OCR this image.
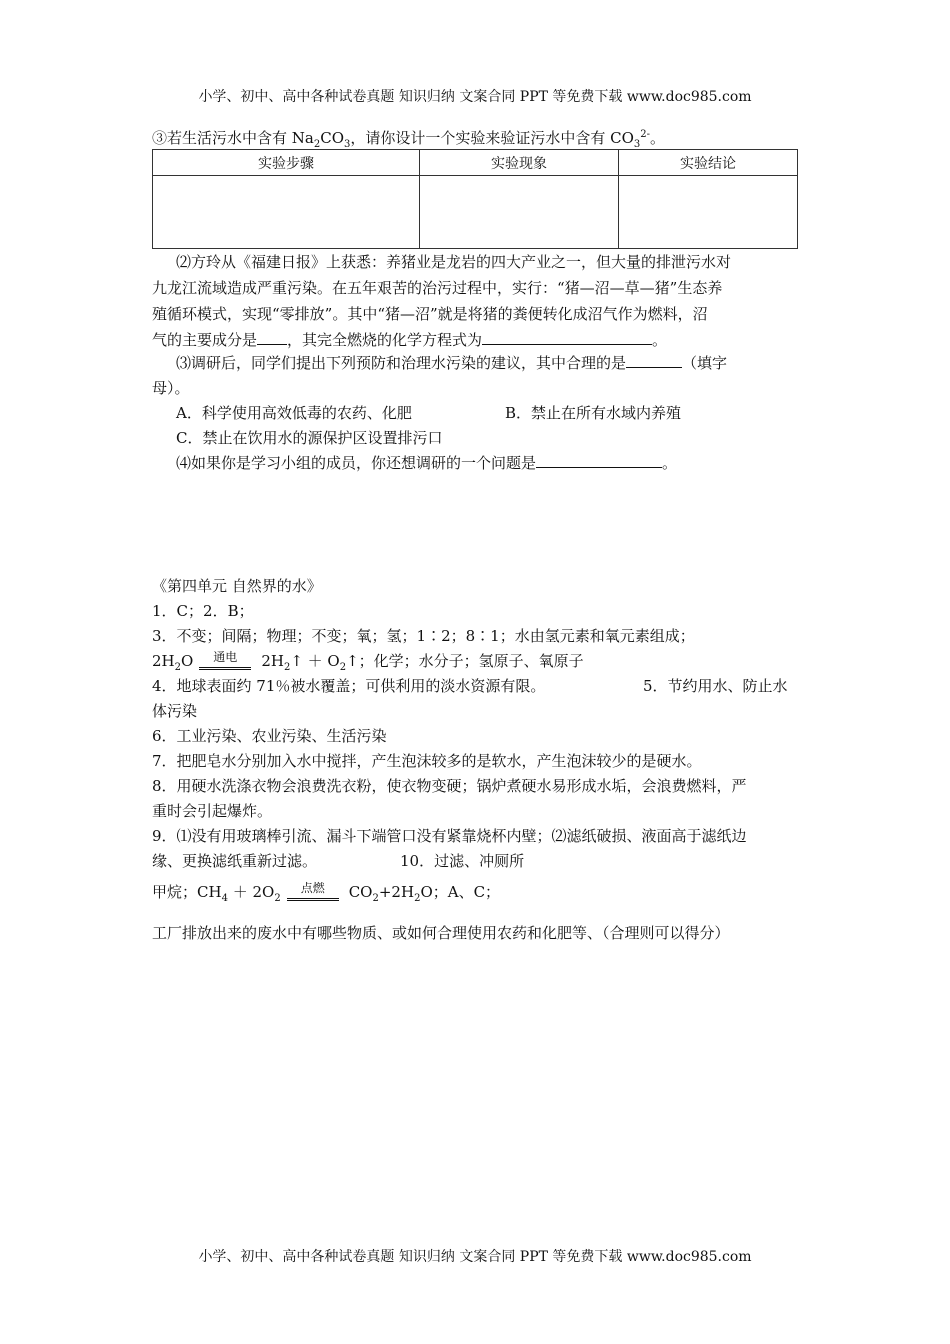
小学、初中、高中各种试卷真题 知识归纳 文案合同 PPT 等免费下载 www.doc985.com
③若生活污水中含有 $Na_2CO_3$，请你设计一个实验来验证污水中含有 $CO_3^{2-}$。
实验步骤	实验现象	实验结论

⑵方玲从《福建日报》上获悉：养猪业是龙岩的四大产业之一，但大量的排泄污水对
九龙江流域造成严重污染。在五年艰苦的治污过程中，实行：“猪—沼—草—猪”生态养
殖循环模式，实现“零排放”。其中“猪—沼”就是将猪的粪便转化成沼气作为燃料，沼
气的主要成分是 ，其完全燃烧的化学方程式为	。
⑶调研后，同学们提出下列预防和治理水污染的建议，其中合理的是	（填字
母）。
A．科学使用高效低毒的农药、化肥	B．禁止在所有水域内养殖
C．禁止在饮用水的源保护区设置排污口
⑷如果你是学习小组的成员，你还想调研的一个问题是	。
《第四单元 自然界的水》
1．C；2．B；
3．不变；间隔；物理；不变；氧；氢；1∶2；8∶1；水由氢元素和氧元素组成；
$2H_2O$	通电	$2H_2↑$ ＋ $O_2↑$；化学；水分子；氢原子、氧原子
4．地球表面约 71％被水覆盖；可供利用的淡水资源有限。	5．节约用水、防止水
体污染
6．工业污染、农业污染、生活污染
7．把肥皂水分别加入水中搅拌，产生泡沫较多的是软水，产生泡沫较少的是硬水。
8．用硬水洗涤衣物会浪费洗衣粉，使衣物变硬；锅炉煮硬水易形成水垢，会浪费燃料，严
重时会引起爆炸。
9．⑴没有用玻璃棒引流、漏斗下端管口没有紧靠烧杯内壁；⑵滤纸破损、液面高于滤纸边
缘、更换滤纸重新过滤。	10．过滤、冲厕所
甲烷；$CH_4 + 2O_2$
点燃	$CO_2+2H_2O$；A、C；
工厂排放出来的废水中有哪些物质、或如何合理使用农药和化肥等、（合理则可以得分）
小学、初中、高中各种试卷真题 知识归纳 文案合同 PPT 等免费下载 www.doc985.com
